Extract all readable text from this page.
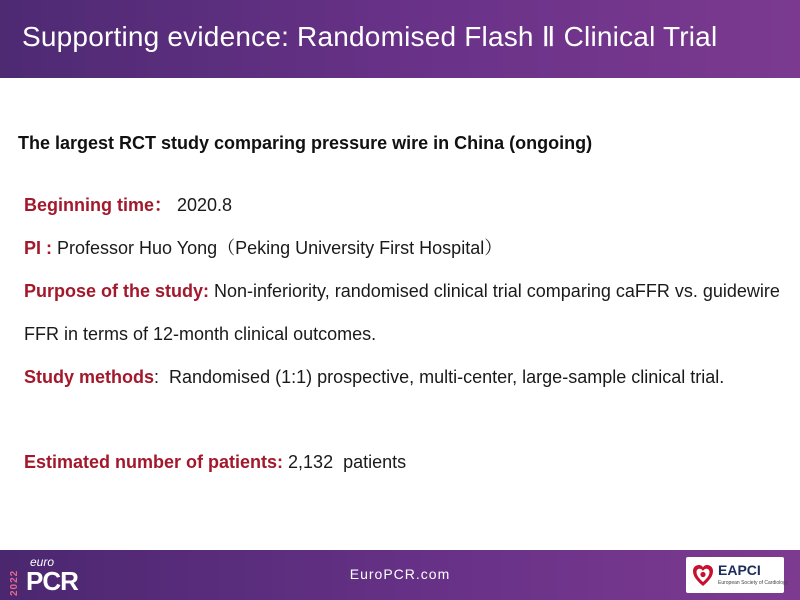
Supporting evidence: Randomised Flash Ⅱ Clinical Trial
The largest RCT study comparing pressure wire in China (ongoing)
Beginning time： 2020.8
PI : Professor Huo Yong（Peking University First Hospital）
Purpose of the study: Non-inferiority, randomised clinical trial comparing caFFR vs. guidewire FFR in terms of 12-month clinical outcomes.
Study methods:  Randomised (1:1) prospective, multi-center, large-sample clinical trial.
Estimated number of patients: 2,132  patients
2022
euro
PCR	EuroPCR.com	EAPCI
European Society of Cardiology
